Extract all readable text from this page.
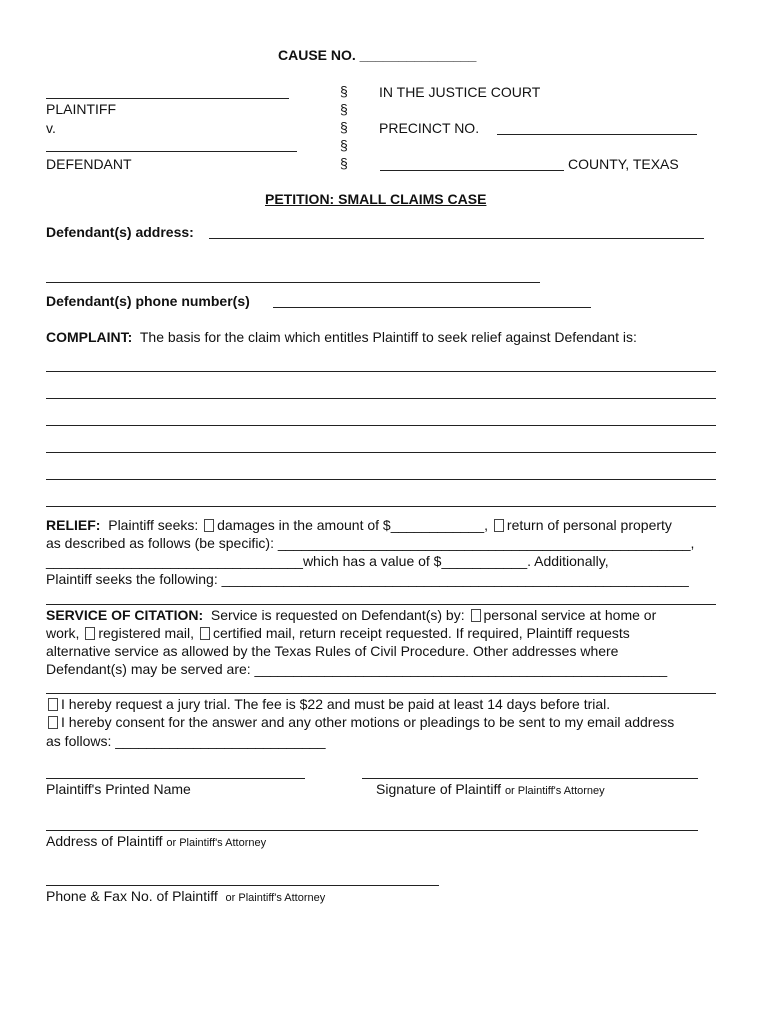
CAUSE NO. _______________
PLAINTIFF
v.
DEFENDANT
§
§
§
§
§
IN THE JUSTICE COURT
PRECINCT NO.
COUNTY, TEXAS
PETITION: SMALL CLAIMS CASE
Defendant(s) address:
Defendant(s) phone number(s)
COMPLAINT: The basis for the claim which entitles Plaintiff to seek relief against Defendant is:
RELIEF: Plaintiff seeks: damages in the amount of $____________, return of personal property
as described as follows (be specific): _____________________________________________________,
_________________________________which has a value of $___________. Additionally,
Plaintiff seeks the following: ____________________________________________________________
SERVICE OF CITATION: Service is requested on Defendant(s) by: personal service at home or
work, registered mail, certified mail, return receipt requested. If required, Plaintiff requests
alternative service as allowed by the Texas Rules of Civil Procedure. Other addresses where
Defendant(s) may be served are: _____________________________________________________
I hereby request a jury trial. The fee is $22 and must be paid at least 14 days before trial.
I hereby consent for the answer and any other motions or pleadings to be sent to my email address
as follows: ___________________________
Plaintiff's Printed Name	Signature of Plaintiff or Plaintiff's Attorney
Address of Plaintiff or Plaintiff's Attorney
Phone & Fax No. of Plaintiff or Plaintiff's Attorney
